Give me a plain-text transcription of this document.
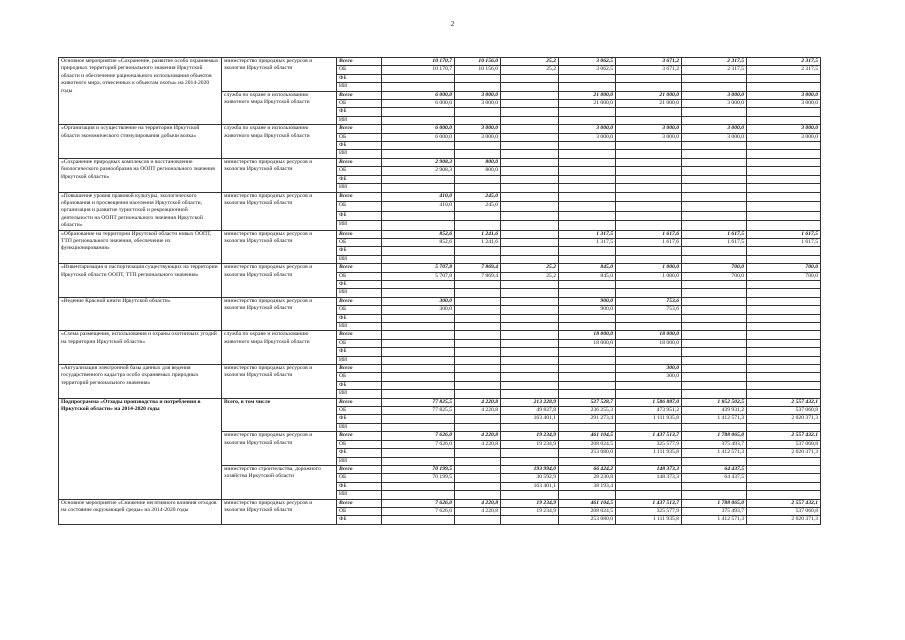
2
Основное мероприятие «Сохранение, развитие особо охраняемых природных территорий регионального значения Иркутской области и обеспечение рационального использования объектов животного мира, отнесенных к объектам охоты» на 2014-2020 годы	министерство природных ресурсов и экологии Иркутской области	Всего	10 170,7	10 156,0	25,2	3 062,5	3 671,2	2 317,5	2 317,5
		ОБ	10 170,7	10 156,0	25,2	3 062,5	3 671,2	2 317,5	2 317,5
		ФБ							
		ИИ							
	служба по охране и использованию животного мира Иркутской области	Всего	6 000,0	3 000,0		21 000,0	21 000,0	3 000,0	3 000,0
		ОБ	6 000,0	3 000,0		21 000,0	21 000,0	3 000,0	3 000,0
		ФБ							
		ИИ							
«Организация и осуществление на территории Иркутской области экономического стимулирования добычи волка»	служба по охране и использованию животного мира Иркутской области	Всего	6 000,0	3 000,0		3 000,0	3 000,0	3 000,0	3 000,0
		ОБ	6 000,0	3 000,0		3 000,0	3 000,0	3 000,0	3 000,0
		ФБ							
		ИИ							
«Сохранение природных комплексов и восстановление биологического разнообразия на ООПТ регионального значения Иркутской области»	министерство природных ресурсов и экологии Иркутской области	Всего	2 908,3	800,0					
		ОБ	2 908,3	800,0					
		ФБ							
		ИИ							
«Повышение уровня правовой культуры, экологического образования и просвещения населения Иркутской области, организация и развитие туристской и рекреационной деятельности на ООПТ регионального значения Иркутской области»	министерство природных ресурсов и экологии Иркутской области	Всего	410,0	245,0					
		ОБ	410,0	245,0					
		ФБ							
		ИИ							
«Образование на территории Иркутской области новых ООПТ, ТТП регионального значения, обеспечение их функционирования»	министерство природных ресурсов и экологии Иркутской области	Всего	852,6	1 241,6		1 317,5	1 617,6	1 617,5	1 617,5
		ОБ	852,6	1 241,6		1 317,5	1 617,6	1 617,5	1 617,5
		ФБ							
		ИИ							
«Инвентаризация и паспортизация существующих на территории Иркутской области ООПТ, ТТП регионального значения»	министерство природных ресурсов и экологии Иркутской области	Всего	5 707,8	7 869,4	25,2	845,0	1 000,0	700,0	700,0
		ОБ	5 707,8	7 869,4	25,2	845,0	1 000,0	700,0	700,0
		ФБ							
		ИИ							
«Ведение Красной книги Иркутской области»	министерство природных ресурсов и экологии Иркутской области	Всего	300,0			900,0	753,6		
		ОБ	300,0			900,0	753,6		
		ФБ							
		ИИ							
«Схема размещения, использования и охраны охотничьих угодий на территории Иркутской области»	служба по охране и использованию животного мира Иркутской области	Всего				18 000,0	18 000,0		
		ОБ				18 000,0	18 000,0		
		ФБ							
		ИИ							
«Актуализация электронной базы данных для ведения государственного кадастра особо охраняемых природных территорий регионального значения»	министерство природных ресурсов и экологии Иркутской области	Всего					300,0		
		ОБ					300,0		
		ФБ							
		ИИ							
Подпрограмма «Отходы производства и потребления в Иркутской области» на 2014-2020 годы	Всего, в том числе	Всего	77 825,5	4 220,8	213 228,9	527 528,7	1 586 887,0	1 852 502,5	2 557 432,1
		ОБ	77 825,5	4 220,8	49 827,8	236 255,3	473 951,2	439 931,2	537 060,8
		ФБ			163 401,1	291 273,4	1 111 935,8	1 412 571,3	2 020 371,3
		ИИ							
	министерство природных ресурсов и экологии Иркутской области	Всего	7 626,0	4 220,8	19 234,9	461 104,5	1 437 513,7	1 788 065,0	2 557 432,1
		ОБ	7 626,0	4 220,8	19 234,9	208 024,5	325 577,9	375 493,7	537 060,8
		ФБ				253 080,0	1 111 935,8	1 412 571,3	2 020 371,3
		ИИ							
	министерство строительства, дорожного хозяйства Иркутской области	Всего	70 199,5		193 994,0	66 424,2	148 373,3	64 437,5	
		ОБ	70 199,5		30 592,9	28 230,8	148 373,3	64 437,5	
		ФБ			163 401,1	38 193,4			
		ИИ							
Основное мероприятие «Снижение негативного влияния отходов на состояние окружающей среды» на 2014-2020 годы	министерство природных ресурсов и экологии Иркутской области	Всего	7 626,0	4 220,8	19 234,9	461 104,5	1 437 513,7	1 788 065,0	2 557 432,1
		ОБ	7 626,0	4 220,8	19 234,9	208 024,5	325 577,9	375 493,7	537 060,8
		ФБ				253 080,0	1 111 935,8	1 412 571,3	2 020 371,3
